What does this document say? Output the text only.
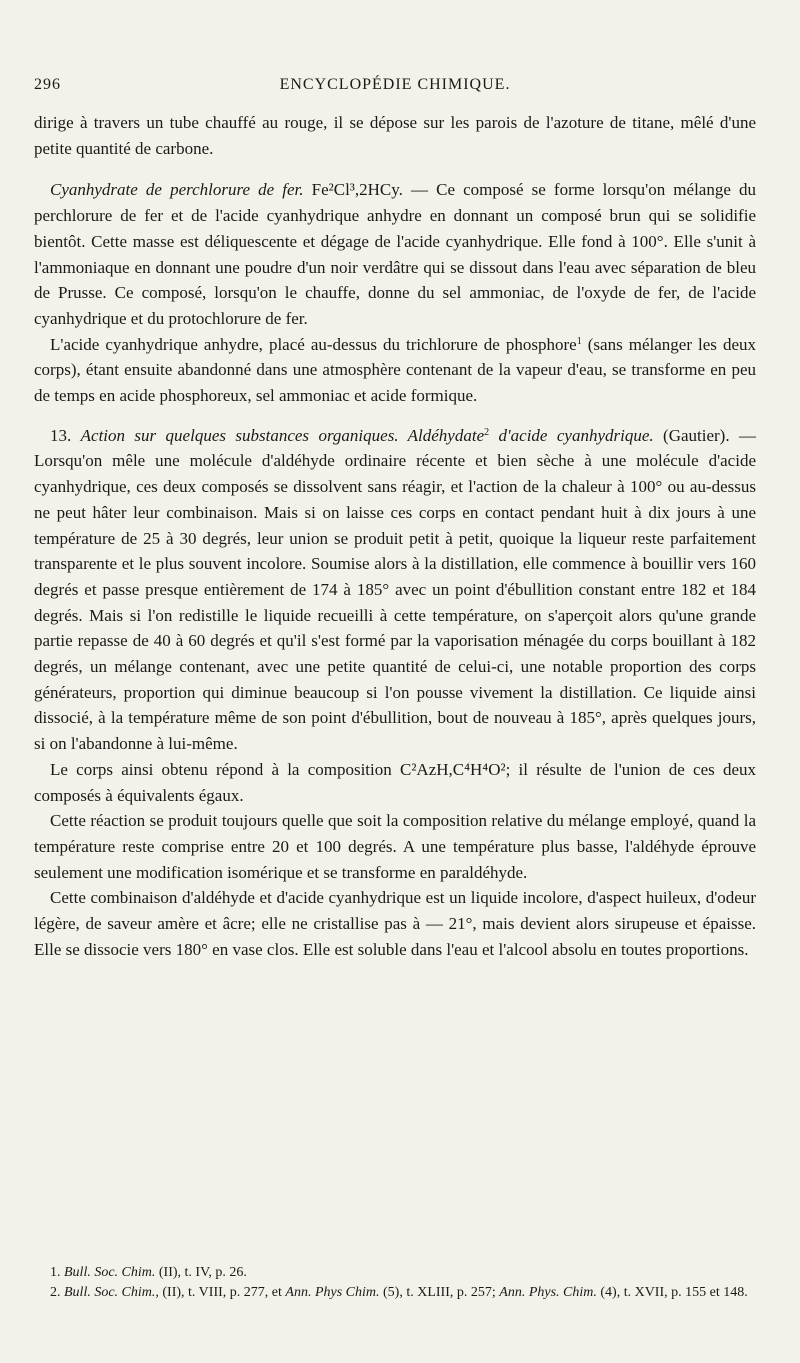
296	ENCYCLOPÉDIE CHIMIQUE.

dirige à travers un tube chauffé au rouge, il se dépose sur les parois de l'azoture de titane, mêlé d'une petite quantité de carbone.

Cyanhydrate de perchlorure de fer. Fe²Cl³,2HCy. — Ce composé se forme lorsqu'on mélange du perchlorure de fer et de l'acide cyanhydrique anhydre en donnant un composé brun qui se solidifie bientôt. Cette masse est déliquescente et dégage de l'acide cyanhydrique. Elle fond à 100°. Elle s'unit à l'ammoniaque en donnant une poudre d'un noir verdâtre qui se dissout dans l'eau avec séparation de bleu de Prusse. Ce composé, lorsqu'on le chauffe, donne du sel ammoniac, de l'oxyde de fer, de l'acide cyanhydrique et du protochlorure de fer.

L'acide cyanhydrique anhydre, placé au-dessus du trichlorure de phosphore$^1$ (sans mélanger les deux corps), étant ensuite abandonné dans une atmosphère contenant de la vapeur d'eau, se transforme en peu de temps en acide phosphoreux, sel ammoniac et acide formique.

13. Action sur quelques substances organiques. Aldéhydate$^2$ d'acide cyanhydrique. (Gautier). — Lorsqu'on mêle une molécule d'aldéhyde ordinaire récente et bien sèche à une molécule d'acide cyanhydrique, ces deux composés se dissolvent sans réagir, et l'action de la chaleur à 100° ou au-dessus ne peut hâter leur combinaison. Mais si on laisse ces corps en contact pendant huit à dix jours à une température de 25 à 30 degrés, leur union se produit petit à petit, quoique la liqueur reste parfaitement transparente et le plus souvent incolore. Soumise alors à la distillation, elle commence à bouillir vers 160 degrés et passe presque entièrement de 174 à 185° avec un point d'ébullition constant entre 182 et 184 degrés. Mais si l'on redistille le liquide recueilli à cette température, on s'aperçoit alors qu'une grande partie repasse de 40 à 60 degrés et qu'il s'est formé par la vaporisation ménagée du corps bouillant à 182 degrés, un mélange contenant, avec une petite quantité de celui-ci, une notable proportion des corps générateurs, proportion qui diminue beaucoup si l'on pousse vivement la distillation. Ce liquide ainsi dissocié, à la température même de son point d'ébullition, bout de nouveau à 185°, après quelques jours, si on l'abandonne à lui-même.

Le corps ainsi obtenu répond à la composition C²AzH,C⁴H⁴O²; il résulte de l'union de ces deux composés à équivalents égaux.

Cette réaction se produit toujours quelle que soit la composition relative du mélange employé, quand la température reste comprise entre 20 et 100 degrés. A une température plus basse, l'aldéhyde éprouve seulement une modification isomérique et se transforme en paraldéhyde.

Cette combinaison d'aldéhyde et d'acide cyanhydrique est un liquide incolore, d'aspect huileux, d'odeur légère, de saveur amère et âcre; elle ne cristallise pas à — 21°, mais devient alors sirupeuse et épaisse. Elle se dissocie vers 180° en vase clos. Elle est soluble dans l'eau et l'alcool absolu en toutes proportions.

1. Bull. Soc. Chim. (II), t. IV, p. 26.

2. Bull. Soc. Chim., (II), t. VIII, p. 277, et Ann. Phys Chim. (5), t. XLIII, p. 257; Ann. Phys. Chim. (4), t. XVII, p. 155 et 148.
